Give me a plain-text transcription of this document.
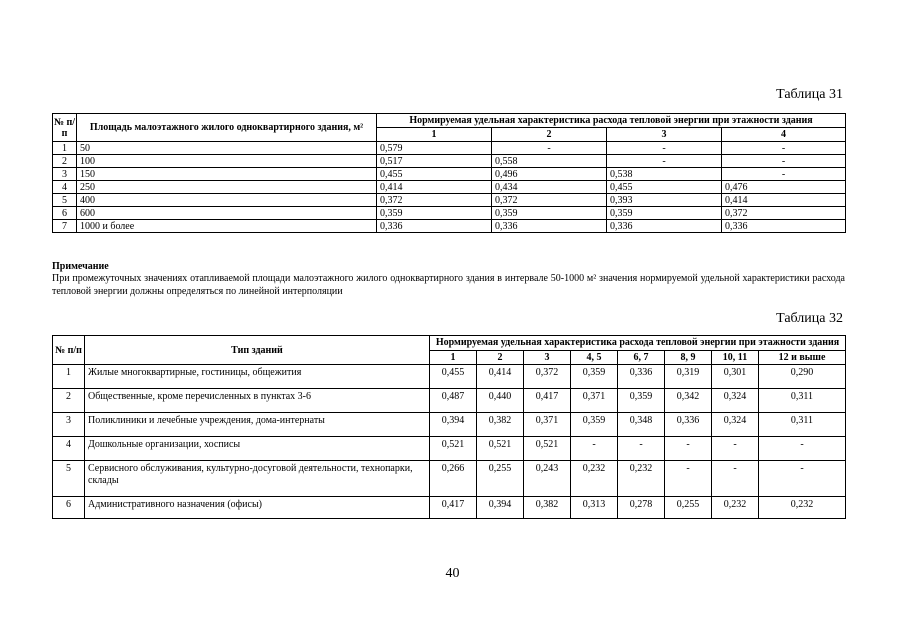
Таблица 31
№ п/п	Площадь малоэтажного жилого одноквартирного здания, м²	Нормируемая удельная характеристика расхода тепловой энергии при этажности здания			
		1	2	3	4
1	50	0,579	-	-	-
2	100	0,517	0,558	-	-
3	150	0,455	0,496	0,538	-
4	250	0,414	0,434	0,455	0,476
5	400	0,372	0,372	0,393	0,414
6	600	0,359	0,359	0,359	0,372
7	1000 и более	0,336	0,336	0,336	0,336
Примечание
При промежуточных значениях отапливаемой площади малоэтажного жилого одноквартирного здания в интервале 50-1000 м² значения нормируемой удельной характеристики расхода тепловой энергии должны определяться по линейной интерполяции
Таблица 32
№ п/п	Тип зданий	Нормируемая удельная характеристика расхода тепловой энергии при этажности здания							
		1	2	3	4, 5	6, 7	8, 9	10, 11	12 и выше
1	Жилые многоквартирные, гостиницы, общежития	0,455	0,414	0,372	0,359	0,336	0,319	0,301	0,290
2	Общественные, кроме перечисленных в пунктах 3-6	0,487	0,440	0,417	0,371	0,359	0,342	0,324	0,311
3	Поликлиники и лечебные учреждения, дома-интернаты	0,394	0,382	0,371	0,359	0,348	0,336	0,324	0,311
4	Дошкольные организации, хосписы	0,521	0,521	0,521	-	-	-	-	-
5	Сервисного обслуживания, культурно-досуговой деятельности, технопарки, склады	0,266	0,255	0,243	0,232	0,232	-	-	-
6	Административного назначения (офисы)	0,417	0,394	0,382	0,313	0,278	0,255	0,232	0,232
40
